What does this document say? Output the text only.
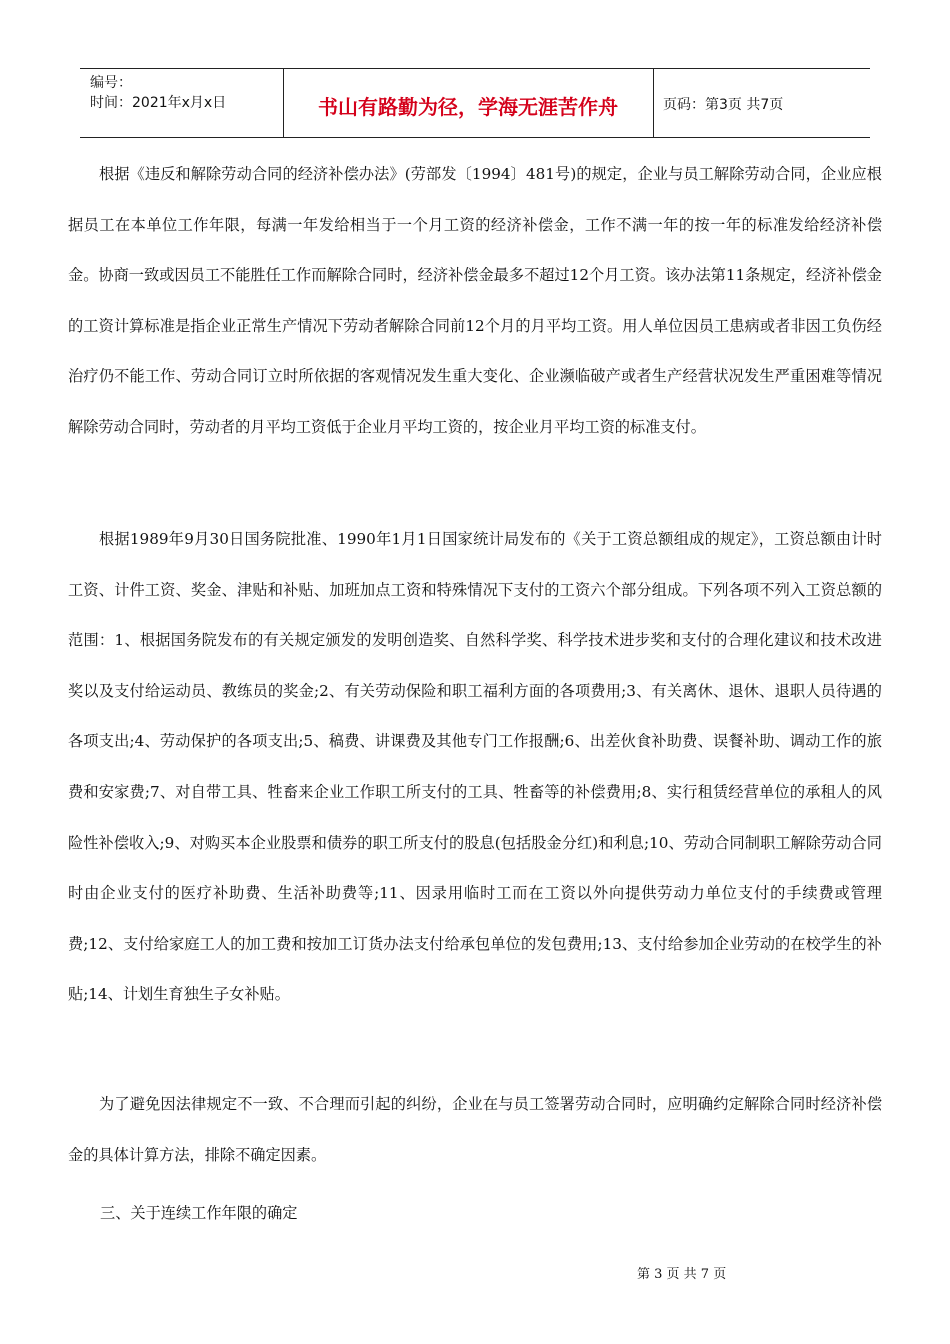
编号：
时间：2021年x月x日	书山有路勤为径，学海无涯苦作舟	页码：第3页 共7页

根据《违反和解除劳动合同的经济补偿办法》(劳部发〔1994〕481号)的规定，企业与员工解除劳动合同，企业应根据员工在本单位工作年限，每满一年发给相当于一个月工资的经济补偿金，工作不满一年的按一年的标准发给经济补偿金。协商一致或因员工不能胜任工作而解除合同时，经济补偿金最多不超过12个月工资。该办法第11条规定，经济补偿金的工资计算标准是指企业正常生产情况下劳动者解除合同前12个月的月平均工资。用人单位因员工患病或者非因工负伤经治疗仍不能工作、劳动合同订立时所依据的客观情况发生重大变化、企业濒临破产或者生产经营状况发生严重困难等情况解除劳动合同时，劳动者的月平均工资低于企业月平均工资的，按企业月平均工资的标准支付。

根据1989年9月30日国务院批准、1990年1月1日国家统计局发布的《关于工资总额组成的规定》，工资总额由计时工资、计件工资、奖金、津贴和补贴、加班加点工资和特殊情况下支付的工资六个部分组成。下列各项不列入工资总额的范围：1、根据国务院发布的有关规定颁发的发明创造奖、自然科学奖、科学技术进步奖和支付的合理化建议和技术改进奖以及支付给运动员、教练员的奖金;2、有关劳动保险和职工福利方面的各项费用;3、有关离休、退休、退职人员待遇的各项支出;4、劳动保护的各项支出;5、稿费、讲课费及其他专门工作报酬;6、出差伙食补助费、误餐补助、调动工作的旅费和安家费;7、对自带工具、牲畜来企业工作职工所支付的工具、牲畜等的补偿费用;8、实行租赁经营单位的承租人的风险性补偿收入;9、对购买本企业股票和债券的职工所支付的股息(包括股金分红)和利息;10、劳动合同制职工解除劳动合同时由企业支付的医疗补助费、生活补助费等;11、因录用临时工而在工资以外向提供劳动力单位支付的手续费或管理费;12、支付给家庭工人的加工费和按加工订货办法支付给承包单位的发包费用;13、支付给参加企业劳动的在校学生的补贴;14、计划生育独生子女补贴。

为了避免因法律规定不一致、不合理而引起的纠纷，企业在与员工签署劳动合同时，应明确约定解除合同时经济补偿金的具体计算方法，排除不确定因素。

三、关于连续工作年限的确定

第 3 页 共 7 页
